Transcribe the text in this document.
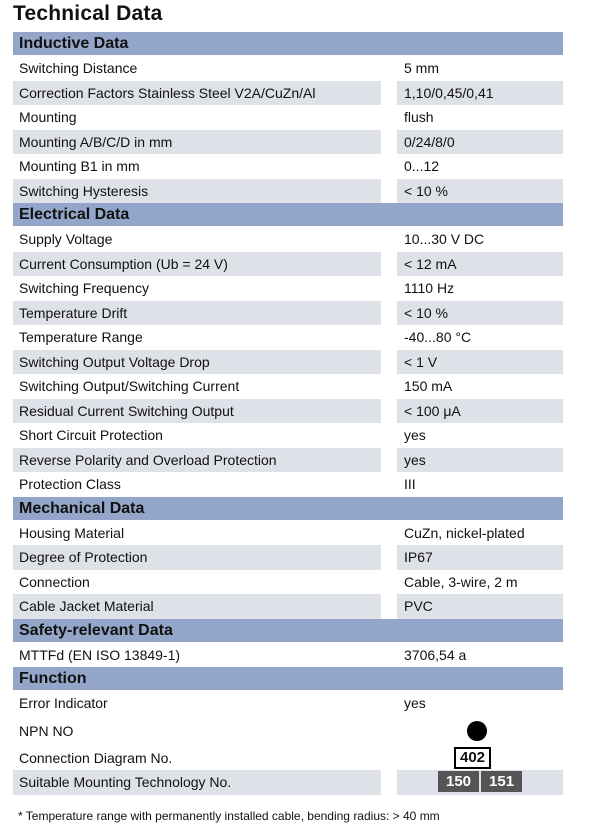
Technical Data
Inductive Data
Switching Distance	5 mm
Correction Factors Stainless Steel V2A/CuZn/Al	1,10/0,45/0,41
Mounting	flush
Mounting A/B/C/D in mm	0/24/8/0
Mounting B1 in mm	0...12
Switching Hysteresis	< 10 %
Electrical Data
Supply Voltage	10...30 V DC
Current Consumption (Ub = 24 V)	< 12 mA
Switching Frequency	1110 Hz
Temperature Drift	< 10 %
Temperature Range	-40...80 °C
Switching Output Voltage Drop	< 1 V
Switching Output/Switching Current	150 mA
Residual Current Switching Output	< 100 μA
Short Circuit Protection	yes
Reverse Polarity and Overload Protection	yes
Protection Class	III
Mechanical Data
Housing Material	CuZn, nickel-plated
Degree of Protection	IP67
Connection	Cable, 3-wire, 2 m
Cable Jacket Material	PVC
Safety-relevant Data
MTTFd (EN ISO 13849-1)	3706,54 a
Function
Error Indicator	yes
NPN NO
Connection Diagram No.	402
Suitable Mounting Technology No.	150	151
* Temperature range with permanently installed cable, bending radius: > 40 mm
